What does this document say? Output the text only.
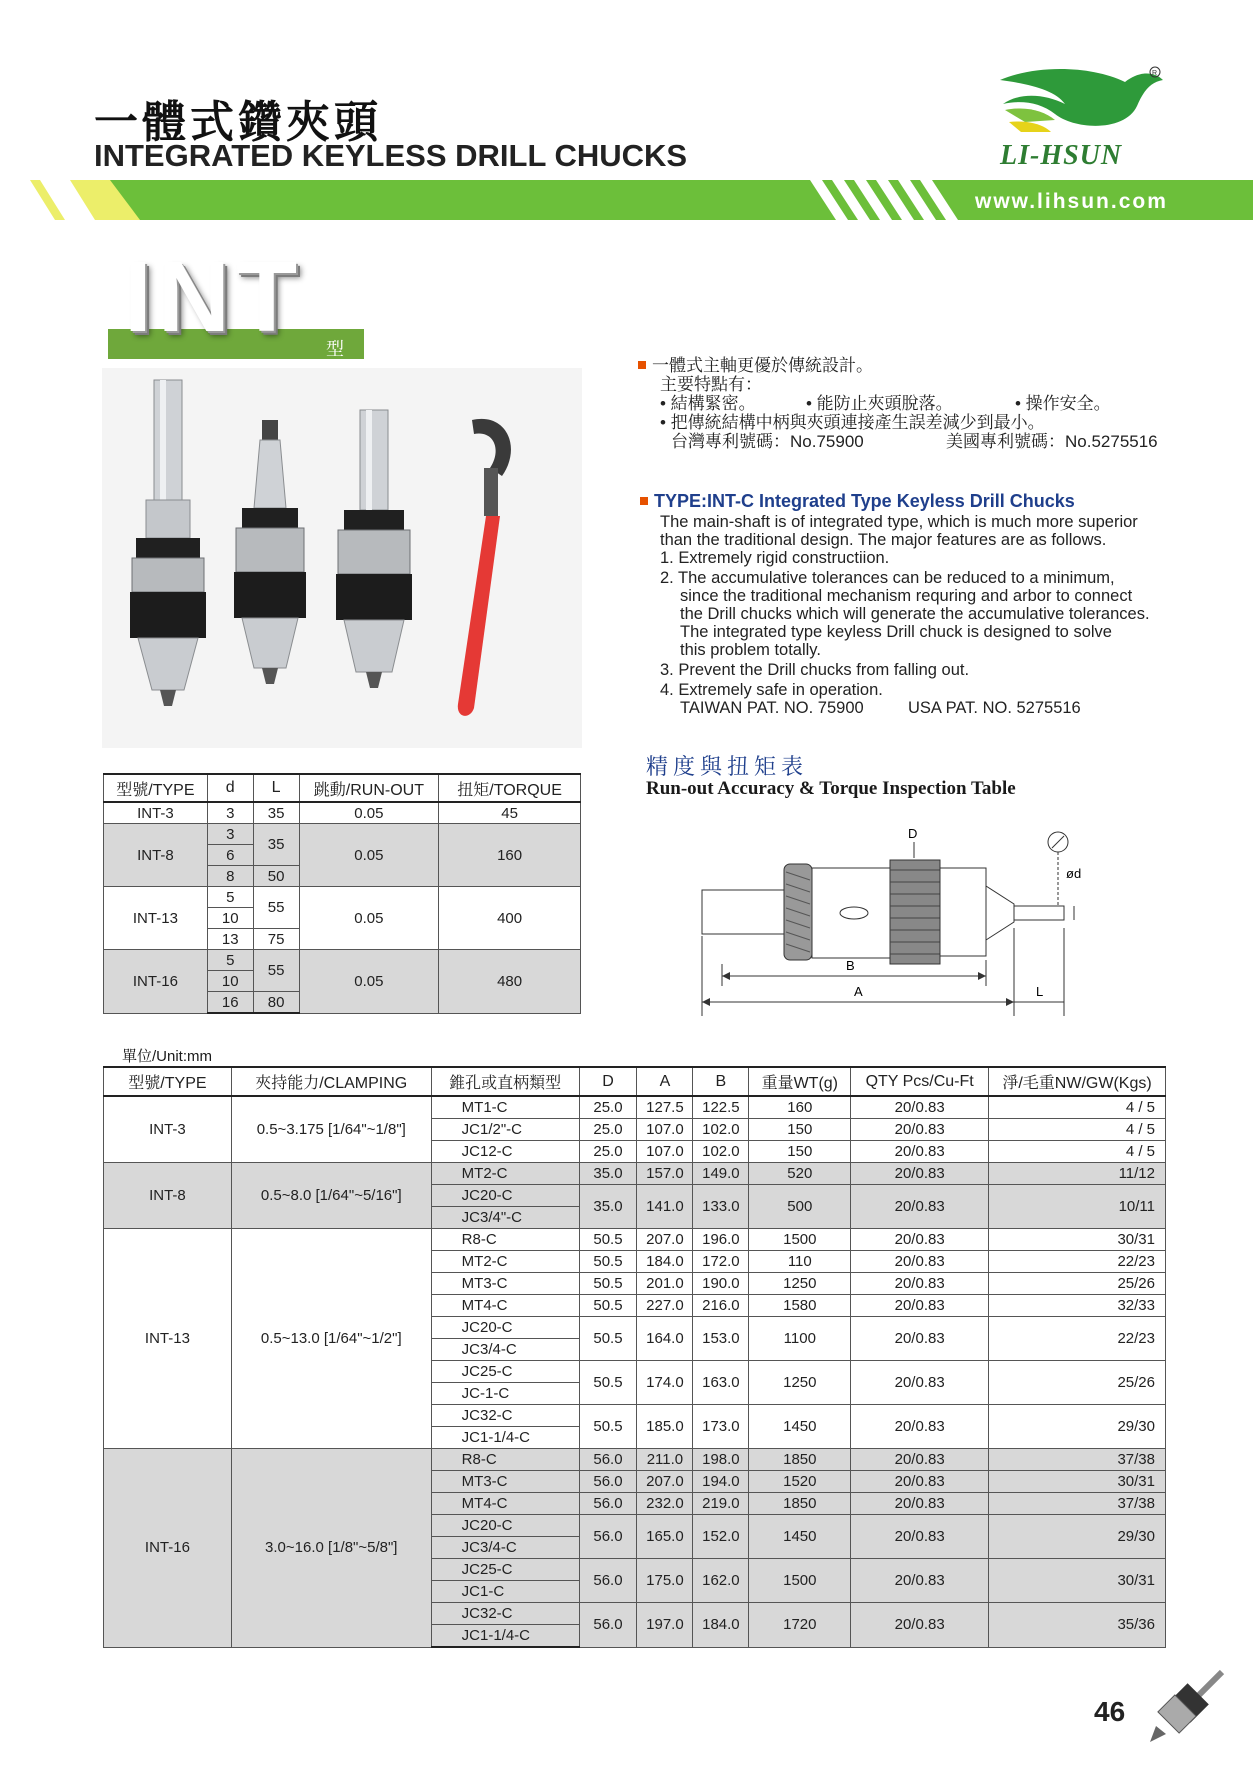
一體式鑽夾頭
INTEGRATED KEYLESS DRILL CHUCKS
www.lihsun.com
R
LI-HSUN
INT 型
一體式主軸更優於傳統設計。
主要特點有：
• 結構緊密。	• 能防止夾頭脫落。	• 操作安全。
• 把傳統結構中柄與夾頭連接產生誤差減少到最小。
台灣專利號碼：No.75900	美國專利號碼：No.5275516
TYPE:INT-C Integrated Type Keyless Drill Chucks
The main-shaft is of integrated type, which is much more superior
than the traditional design. The major features are as follows.
1. Extremely rigid constructiion.
2. The accumulative tolerances can be reduced to a minimum,
since the traditional mechanism requring and arbor to connect
the Drill chucks which will generate the accumulative tolerances.
The integrated type keyless Drill chuck is designed to solve
this problem totally.
3. Prevent the Drill chucks from falling out.
4. Extremely safe in operation.
TAIWAN PAT. NO. 75900	USA PAT. NO. 5275516
精度與扭矩表
Run-out Accuracy & Torque Inspection Table
D
ød
B
A	L
型號/TYPE	d	L	跳動/RUN-OUT	扭矩/TORQUE
INT-3	3	35	0.05	45
INT-8	3	35	0.05	160
	6			
	8	50		
INT-13	5	55	0.05	400
	10			
	13	75		
INT-16	5	55	0.05	480
	10			
	16	80		
單位/Unit:mm
型號/TYPE	夾持能力/CLAMPING	錐孔或直柄類型	D	A	B	重量WT(g)	QTY Pcs/Cu-Ft	淨/毛重NW/GW(Kgs)
INT-3	0.5~3.175 [1/64"~1/8"]	MT1-C	25.0	127.5	122.5	160	20/0.83	4 / 5
		JC1/2"-C	25.0	107.0	102.0	150	20/0.83	4 / 5
		JC12-C	25.0	107.0	102.0	150	20/0.83	4 / 5
INT-8	0.5~8.0 [1/64"~5/16"]	MT2-C	35.0	157.0	149.0	520	20/0.83	11/12
		JC20-C	35.0	141.0	133.0	500	20/0.83	10/11
		JC3/4"-C						
INT-13	0.5~13.0 [1/64"~1/2"]	R8-C	50.5	207.0	196.0	1500	20/0.83	30/31
		MT2-C	50.5	184.0	172.0	110	20/0.83	22/23
		MT3-C	50.5	201.0	190.0	1250	20/0.83	25/26
		MT4-C	50.5	227.0	216.0	1580	20/0.83	32/33
		JC20-C	50.5	164.0	153.0	1100	20/0.83	22/23
		JC3/4-C						
		JC25-C	50.5	174.0	163.0	1250	20/0.83	25/26
		JC-1-C						
		JC32-C	50.5	185.0	173.0	1450	20/0.83	29/30
		JC1-1/4-C						
INT-16	3.0~16.0 [1/8"~5/8"]	R8-C	56.0	211.0	198.0	1850	20/0.83	37/38
		MT3-C	56.0	207.0	194.0	1520	20/0.83	30/31
		MT4-C	56.0	232.0	219.0	1850	20/0.83	37/38
		JC20-C	56.0	165.0	152.0	1450	20/0.83	29/30
		JC3/4-C						
		JC25-C	56.0	175.0	162.0	1500	20/0.83	30/31
		JC1-C						
		JC32-C	56.0	197.0	184.0	1720	20/0.83	35/36
		JC1-1/4-C						
46
